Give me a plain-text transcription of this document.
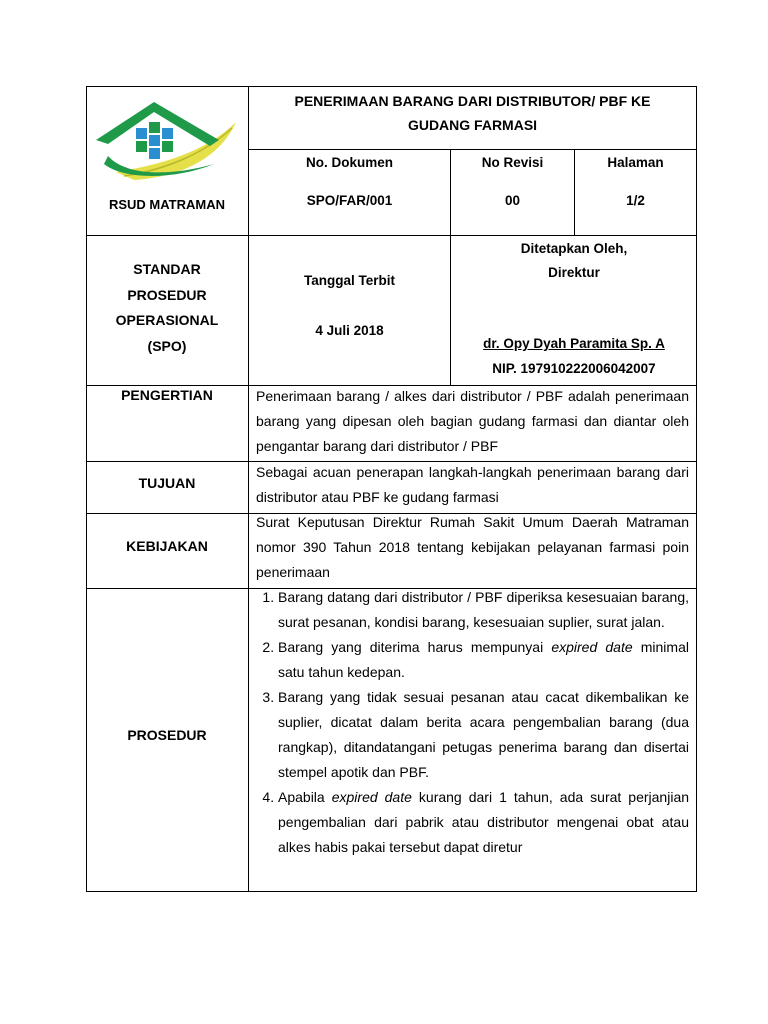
RSUD MATRAMAN
PENERIMAAN BARANG DARI DISTRIBUTOR/ PBF KE
GUDANG FARMASI
No. Dokumen
SPO/FAR/001
No Revisi
00
Halaman
1/2
STANDAR
PROSEDUR
OPERASIONAL
(SPO)
Tanggal Terbit
4 Juli 2018
Ditetapkan Oleh,
Direktur
dr. Opy Dyah Paramita Sp. A
NIP. 197910222006042007
PENGERTIAN	Penerimaan barang / alkes dari distributor / PBF adalah penerimaan barang yang dipesan oleh bagian gudang farmasi dan diantar oleh pengantar barang dari distributor / PBF
TUJUAN
Sebagai acuan penerapan langkah-langkah penerimaan barang dari distributor atau PBF ke gudang farmasi
KEBIJAKAN
Surat Keputusan Direktur Rumah Sakit Umum Daerah Matraman nomor 390 Tahun 2018 tentang kebijakan pelayanan farmasi poin penerimaan
PROSEDUR
1. Barang datang dari distributor / PBF diperiksa kesesuaian barang, surat pesanan, kondisi barang, kesesuaian suplier, surat jalan.
2. Barang yang diterima harus mempunyai expired date minimal satu tahun kedepan.
3. Barang yang tidak sesuai pesanan atau cacat dikembalikan ke suplier, dicatat dalam berita acara pengembalian barang (dua rangkap), ditandatangani petugas penerima barang dan disertai stempel apotik dan PBF.
4. Apabila expired date kurang dari 1 tahun, ada surat perjanjian pengembalian dari pabrik atau distributor mengenai obat atau alkes habis pakai tersebut dapat diretur
